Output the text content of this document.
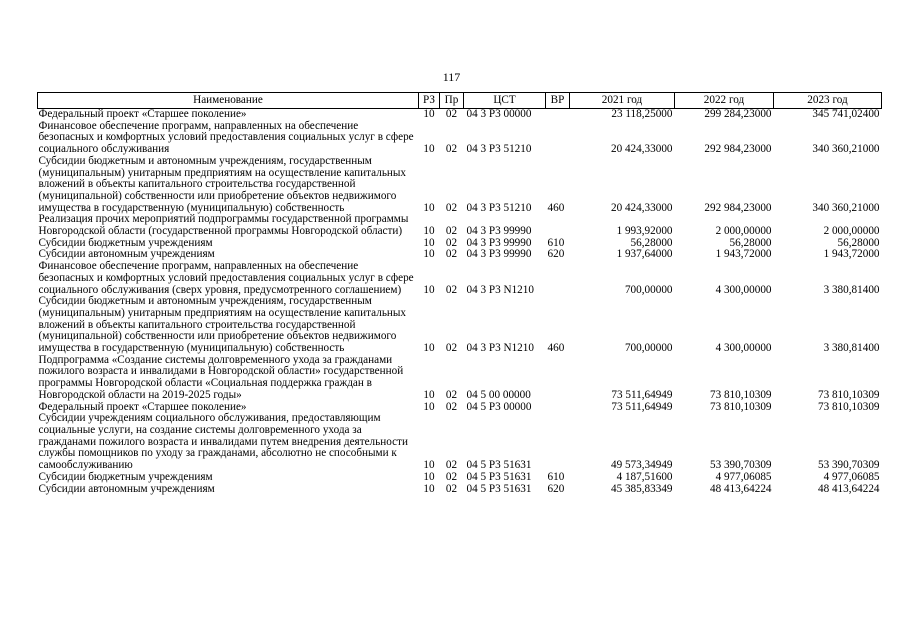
117
Наименование	РЗ	Пр	ЦСТ	ВР	2021 год	2022 год	2023 год
Федеральный проект «Старшее поколение»	10	02	04 3 Р3 00000		23 118,25000	299 284,23000	345 741,02400
Финансовое обеспечение программ, направленных на обеспечение безопасных и комфортных условий предоставления социальных услуг в сфере социального обслуживания	10	02	04 3 Р3 51210		20 424,33000	292 984,23000	340 360,21000
Субсидии бюджетным и автономным учреждениям, государственным (муниципальным) унитарным предприятиям на осуществление капитальных вложений в объекты капитального строительства государственной (муниципальной) собственности или приобретение объектов недвижимого имущества в государственную (муниципальную) собственность	10	02	04 3 Р3 51210	460	20 424,33000	292 984,23000	340 360,21000
Реализация прочих мероприятий подпрограммы государственной программы Новгородской области (государственной программы Новгородской области)	10	02	04 3 Р3 99990		1 993,92000	2 000,00000	2 000,00000
Субсидии бюджетным учреждениям	10	02	04 3 Р3 99990	610	56,28000	56,28000	56,28000
Субсидии автономным учреждениям	10	02	04 3 Р3 99990	620	1 937,64000	1 943,72000	1 943,72000
Финансовое обеспечение программ, направленных на обеспечение безопасных и комфортных условий предоставления социальных услуг в сфере социального обслуживания (сверх уровня, предусмотренного соглашением)	10	02	04 3 Р3 N1210		700,00000	4 300,00000	3 380,81400
Субсидии бюджетным и автономным учреждениям, государственным (муниципальным) унитарным предприятиям на осуществление капитальных вложений в объекты капитального строительства государственной (муниципальной) собственности или приобретение объектов недвижимого имущества в государственную (муниципальную) собственность	10	02	04 3 Р3 N1210	460	700,00000	4 300,00000	3 380,81400
Подпрограмма «Создание системы долговременного ухода за гражданами пожилого возраста и инвалидами в Новгородской области» государственной программы Новгородской области «Социальная поддержка граждан в Новгородской области на 2019-2025 годы»	10	02	04 5 00 00000		73 511,64949	73 810,10309	73 810,10309
Федеральный проект «Старшее поколение»	10	02	04 5 Р3 00000		73 511,64949	73 810,10309	73 810,10309
Субсидии учреждениям социального обслуживания, предоставляющим социальные услуги, на создание системы долговременного ухода за гражданами пожилого возраста и инвалидами путем внедрения деятельности службы помощников по уходу за гражданами, абсолютно не способными к самообслуживанию	10	02	04 5 Р3 51631		49 573,34949	53 390,70309	53 390,70309
Субсидии бюджетным учреждениям	10	02	04 5 Р3 51631	610	4 187,51600	4 977,06085	4 977,06085
Субсидии автономным учреждениям	10	02	04 5 Р3 51631	620	45 385,83349	48 413,64224	48 413,64224
